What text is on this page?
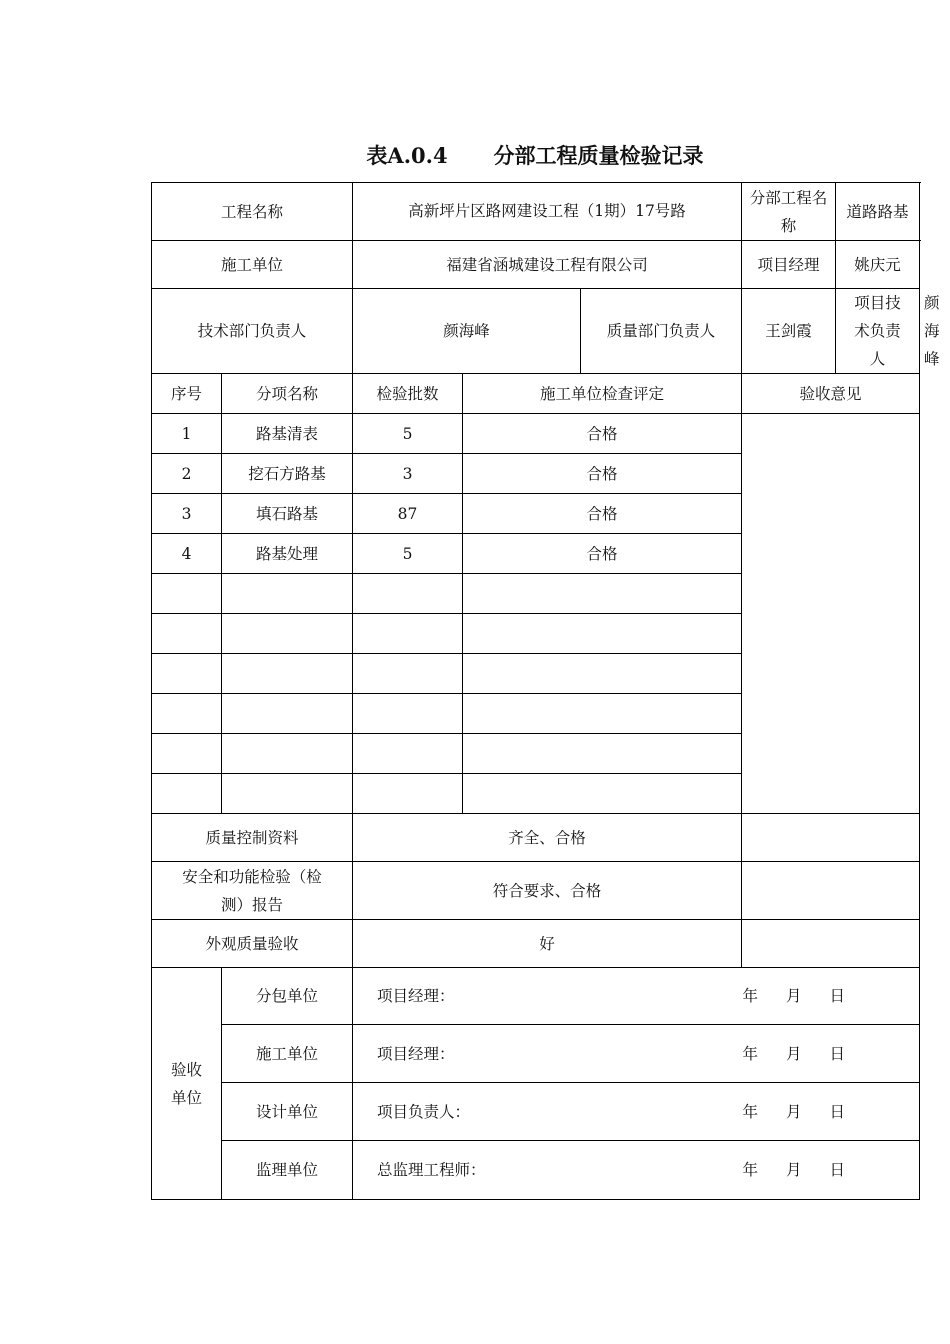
表A.0.4 分部工程质量检验记录
工程名称		高新坪片区路网建设工程（1期）17号路			分部工程名称	道路路基	
施工单位		福建省涵城建设工程有限公司			项目经理	姚庆元	
技术部门负责人		颜海峰		质量部门负责人	王剑霞	项目技术负责人	颜海峰
序号	分项名称	检验批数	施工单位检查评定		验收意见		
1	路基清表	5	合格				
2	挖石方路基	3	合格				
3	填石路基	87	合格				
4	路基处理	5	合格				

质量控制资料		齐全、合格					
安全和功能检验（检测）报告		符合要求、合格					
外观质量验收		好					
验收单位	分包单位	项目经理： 年 月 日					

	施工单位	项目经理： 年 月 日					

	设计单位	项目负责人： 年 月 日					

	监理单位	总监理工程师： 年 月 日					
